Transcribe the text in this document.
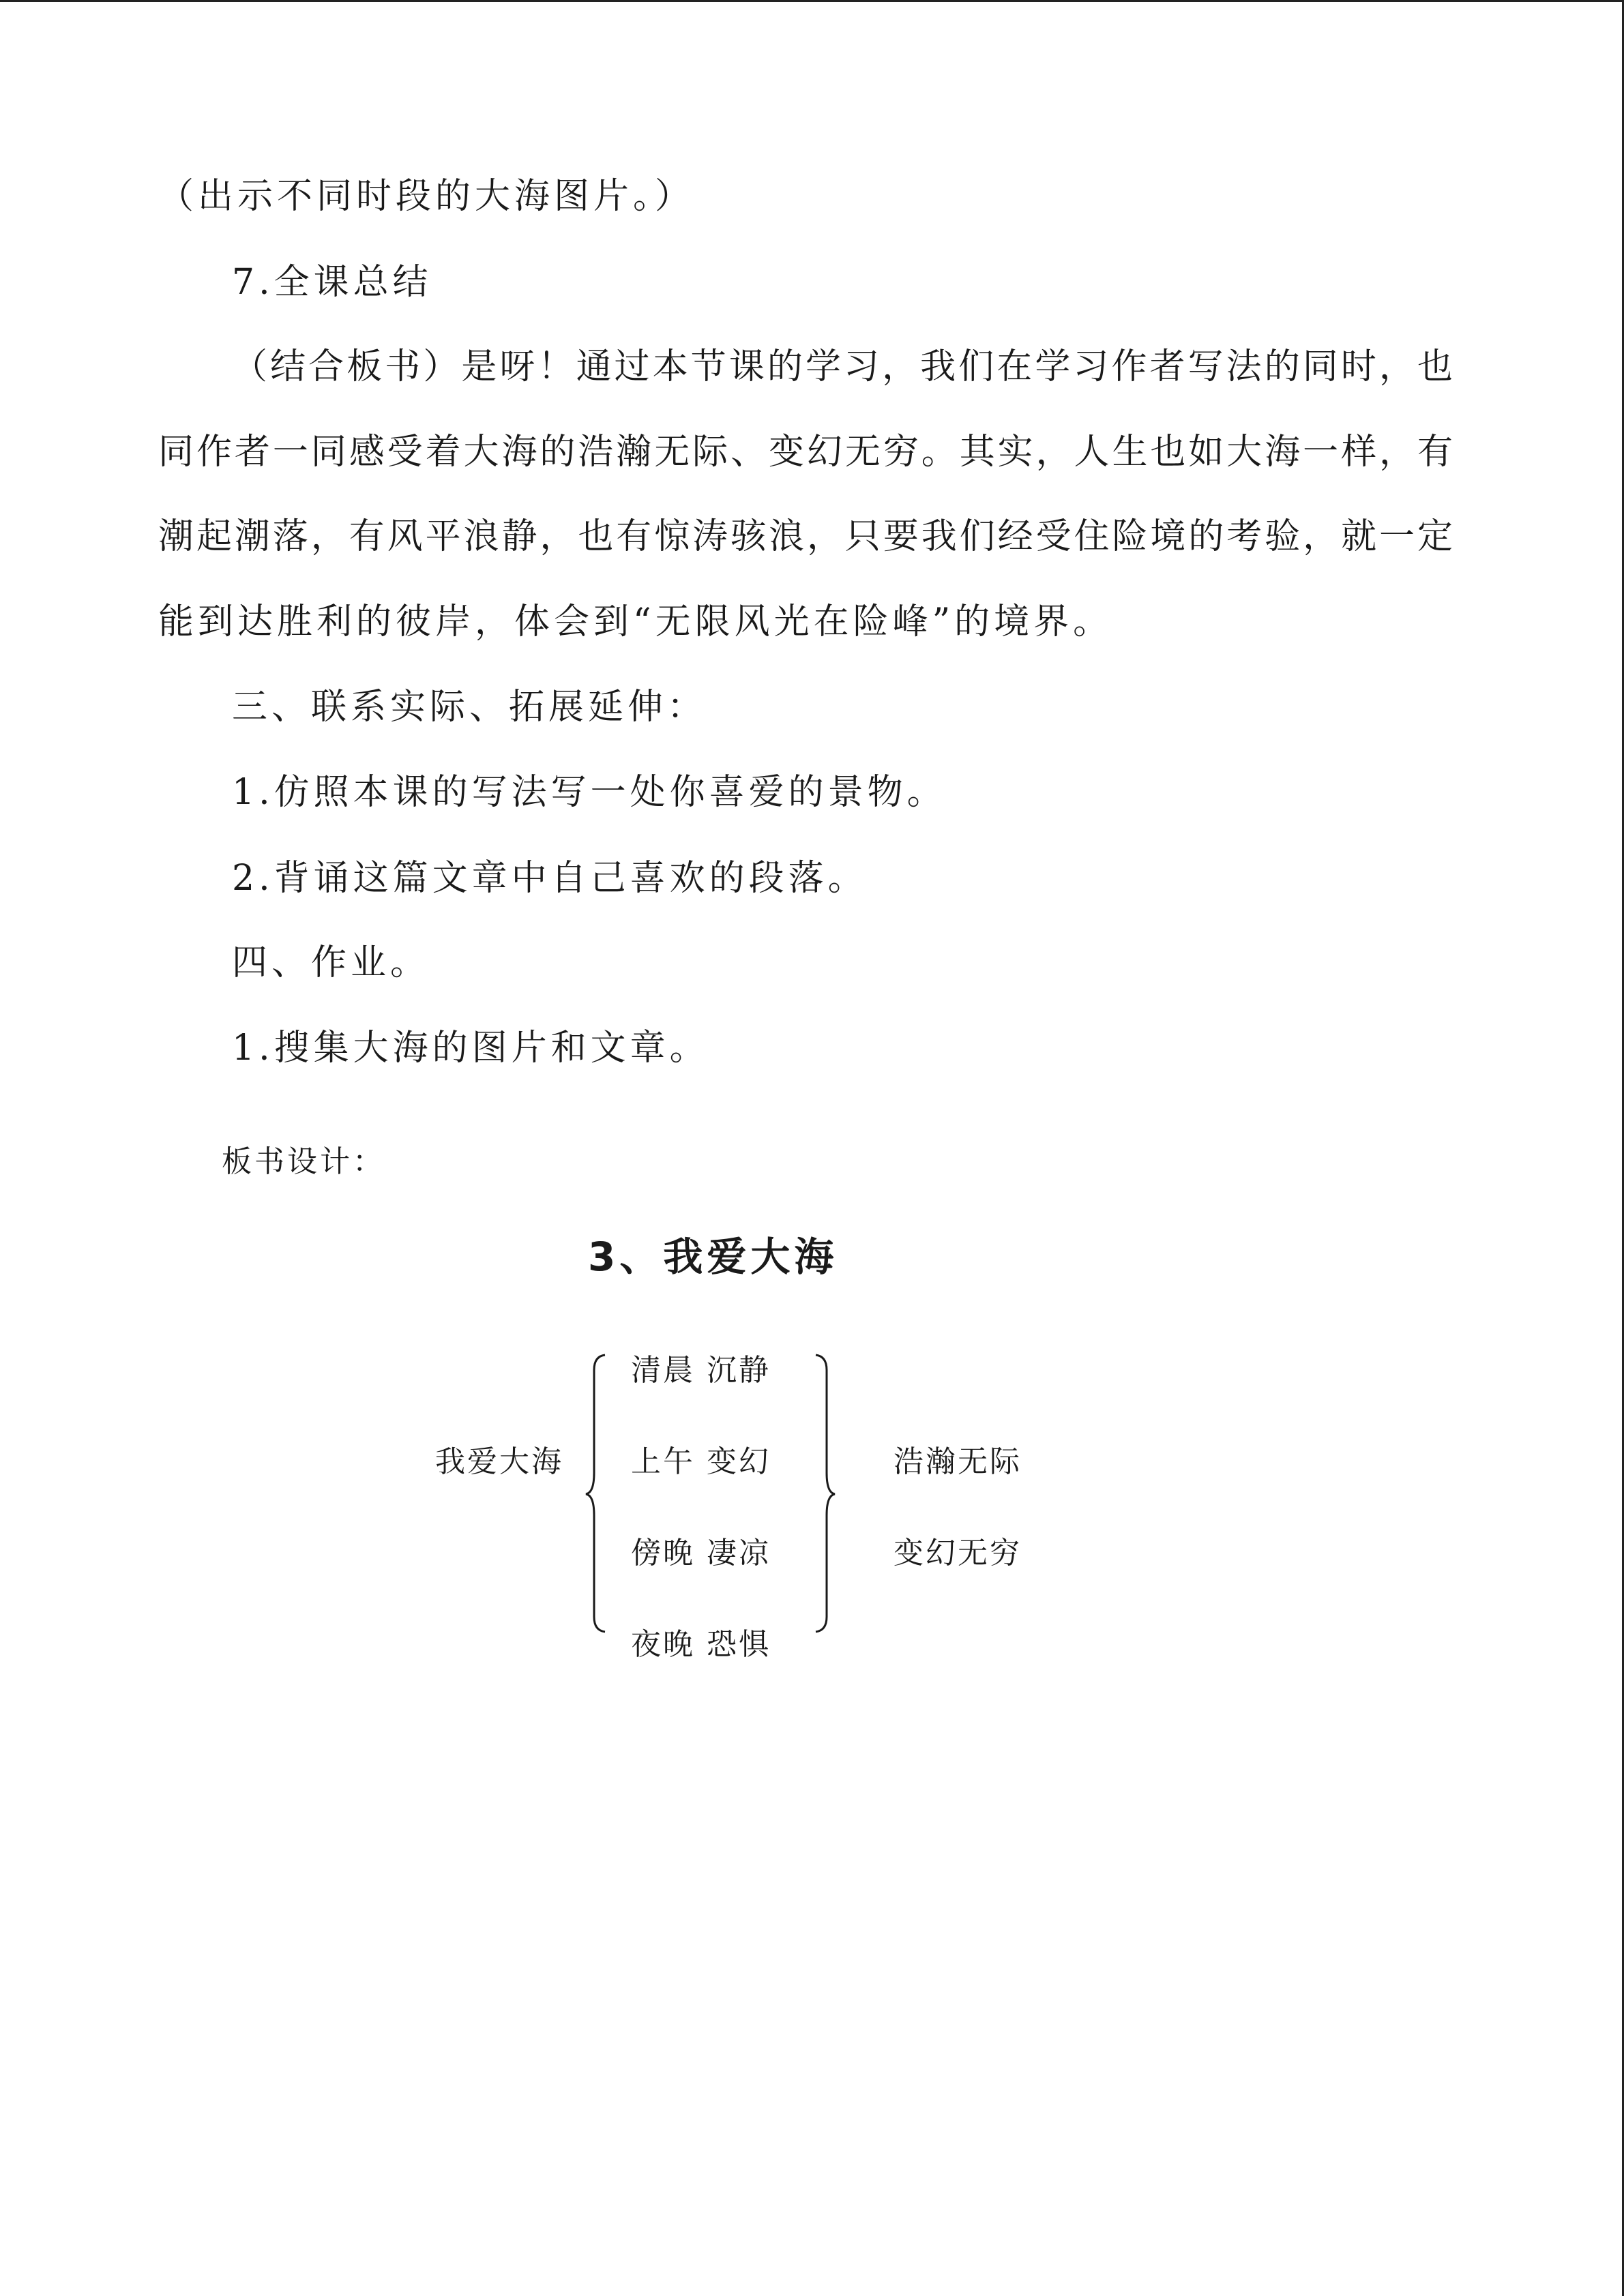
（出示不同时段的大海图片。）

7.全课总结

（ 结 合 板 书 ） 是 呀 ！ 通 过 本 节 课 的 学 习 ， 我 们 在 学 习 作 者 写 法 的 同 时 ， 也

同 作 者 一 同 感 受 着 大 海 的 浩 瀚 无 际 、 变 幻 无 穷 。 其 实 ， 人 生 也 如 大 海 一 样 ， 有

潮 起 潮 落 ， 有 风 平 浪 静 ， 也 有 惊 涛 骇 浪 ， 只 要 我 们 经 受 住 险 境 的 考 验 ， 就 一 定

能到达胜利的彼岸，体会到“无限风光在险峰”的境界。

三、联系实际、拓展延伸：

1.仿照本课的写法写一处你喜爱的景物。

2.背诵这篇文章中自己喜欢的段落。

四、作业。

1.搜集大海的图片和文章。

板书设计：

3、我爱大海

我爱大海

清晨 沉静

上午 变幻

傍晚 凄凉

夜晚 恐惧

浩瀚无际

变幻无穷
